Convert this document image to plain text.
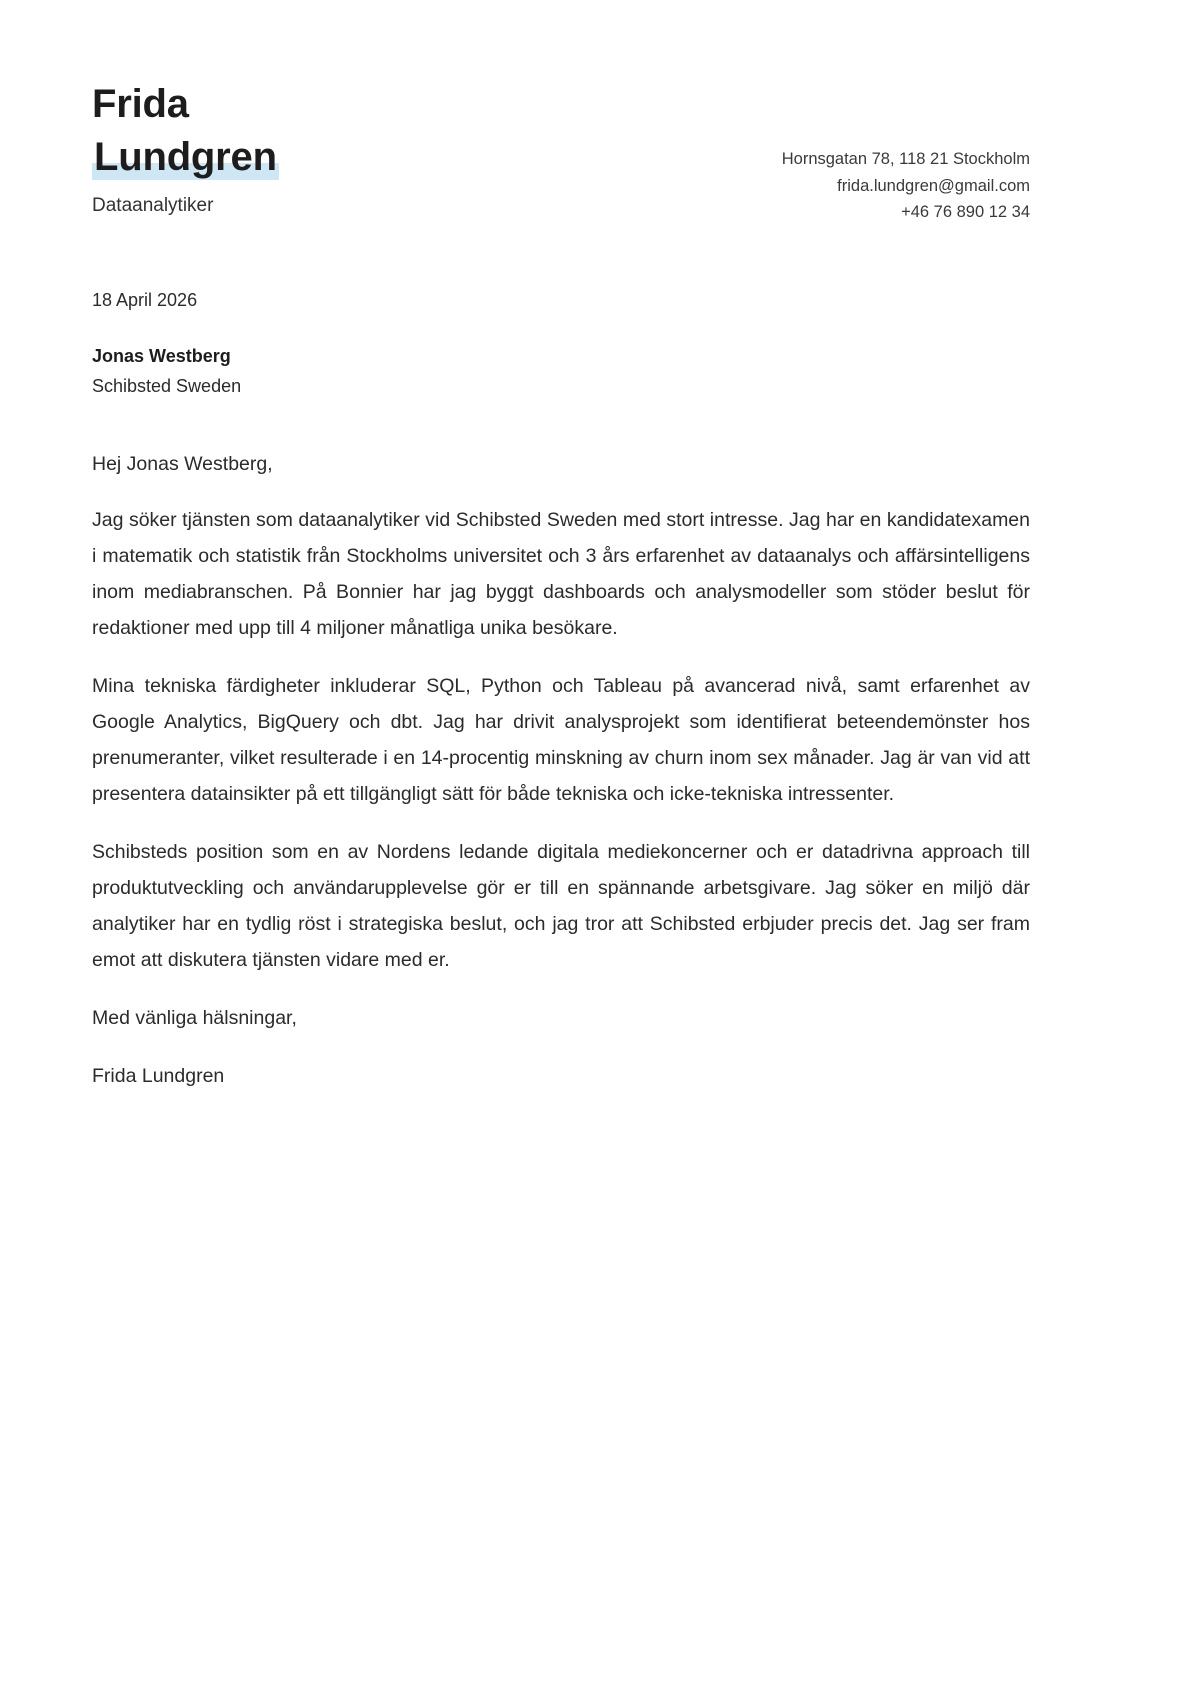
Frida
Lundgren
Dataanalytiker
Hornsgatan 78, 118 21 Stockholm
frida.lundgren@gmail.com
+46 76 890 12 34
18 April 2026
Jonas Westberg
Schibsted Sweden

Hej Jonas Westberg,

Jag söker tjänsten som dataanalytiker vid Schibsted Sweden med stort intresse. Jag har en kandidatexamen i matematik och statistik från Stockholms universitet och 3 års erfarenhet av dataanalys och affärsintelligens inom mediabranschen. På Bonnier har jag byggt dashboards och analysmodeller som stöder beslut för redaktioner med upp till 4 miljoner månatliga unika besökare.

Mina tekniska färdigheter inkluderar SQL, Python och Tableau på avancerad nivå, samt erfarenhet av Google Analytics, BigQuery och dbt. Jag har drivit analysprojekt som identifierat beteendemönster hos prenumeranter, vilket resulterade i en 14-procentig minskning av churn inom sex månader. Jag är van vid att presentera datainsikter på ett tillgängligt sätt för både tekniska och icke-tekniska intressenter.

Schibsteds position som en av Nordens ledande digitala mediekoncerner och er datadrivna approach till produktutveckling och användarupplevelse gör er till en spännande arbetsgivare. Jag söker en miljö där analytiker har en tydlig röst i strategiska beslut, och jag tror att Schibsted erbjuder precis det. Jag ser fram emot att diskutera tjänsten vidare med er.

Med vänliga hälsningar,

Frida Lundgren
